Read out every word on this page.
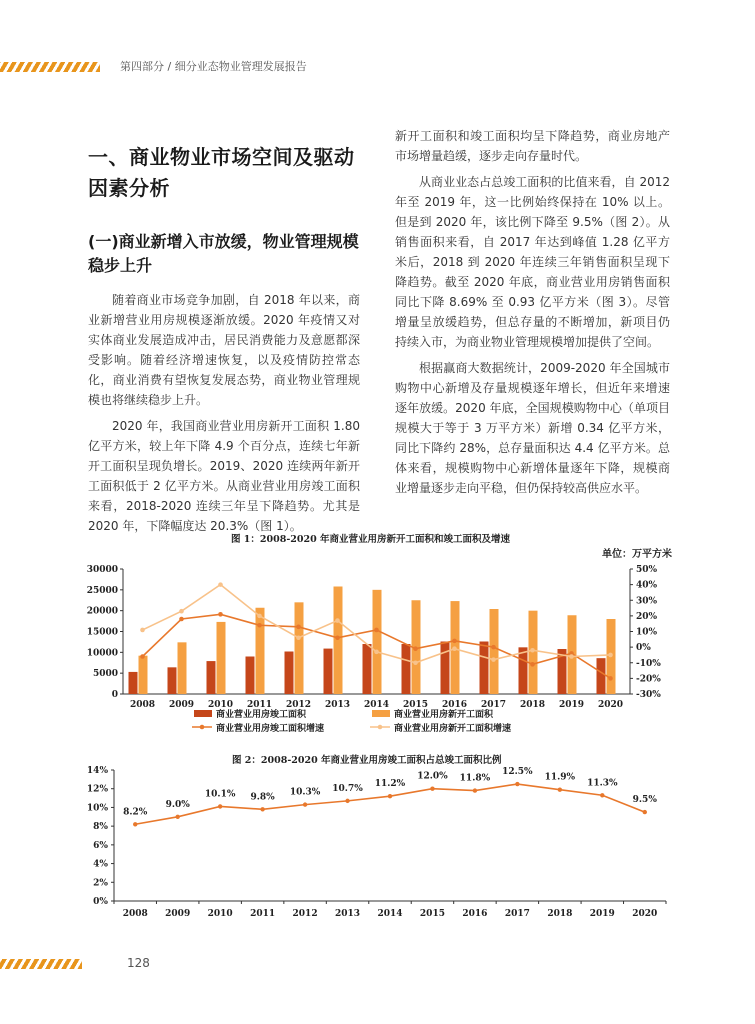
第四部分 / 细分业态物业管理发展报告
一、商业物业市场空间及驱动因素分析
(一)商业新增入市放缓，物业管理规模稳步上升

随着商业市场竞争加剧，自 2018 年以来，商业新增营业用房规模逐渐放缓。2020 年疫情又对实体商业发展造成冲击，居民消费能力及意愿都深受影响。随着经济增速恢复，以及疫情防控常态化，商业消费有望恢复发展态势，商业物业管理规模也将继续稳步上升。

2020 年，我国商业营业用房新开工面积 1.80 亿平方米，较上年下降 4.9 个百分点，连续七年新开工面积呈现负增长。2019、2020 连续两年新开工面积低于 2 亿平方米。从商业营业用房竣工面积来看，2018-2020 连续三年呈下降趋势。尤其是 2020 年，下降幅度达 20.3%（图 1）。

新开工面积和竣工面积均呈下降趋势，商业房地产市场增量趋缓，逐步走向存量时代。

从商业业态占总竣工面积的比值来看，自 2012 年至 2019 年，这一比例始终保持在 10% 以上。但是到 2020 年，该比例下降至 9.5%（图 2）。从销售面积来看，自 2017 年达到峰值 1.28 亿平方米后，2018 到 2020 年连续三年销售面积呈现下降趋势。截至 2020 年底，商业营业用房销售面积同比下降 8.69% 至 0.93 亿平方米（图 3）。尽管增量呈放缓趋势，但总存量的不断增加，新项目仍持续入市，为商业物业管理规模增加提供了空间。

根据赢商大数据统计，2009-2020 年全国城市购物中心新增及存量规模逐年增长，但近年来增速逐年放缓。2020 年底，全国规模购物中心（单项目规模大于等于 3 万平方米）新增 0.34 亿平方米，同比下降约 28%，总存量面积达 4.4 亿平方米。总体来看，规模购物中心新增体量逐年下降，规模商业增量逐步走向平稳，但仍保持较高供应水平。

图 1：2008-2020 年商业营业用房新开工面积和竣工面积及增速
单位：万平方米
0
5000
10000
15000
20000
25000
30000
-30%
-20%
-10%
0%
10%
20%
30%
40%
50%
2008 2009 2010 2011 2012 2013 2014 2015 2016 2017 2018 2019 2020
商业营业用房竣工面积	商业营业用房新开工面积
商业营业用房竣工面积增速	商业营业用房新开工面积增速
图 2：2008-2020 年商业营业用房竣工面积占总竣工面积比例
0%
2%
4%
6%
8%
10%
12%
14%
8.2%
9.0%
10.1% 9.8% 10.3% 10.7% 11.2%
12.0% 11.8%
12.5%
11.9%
11.3%
9.5%
2008 2009 2010 2011 2012 2013 2014 2015 2016 2017 2018 2019 2020
128
